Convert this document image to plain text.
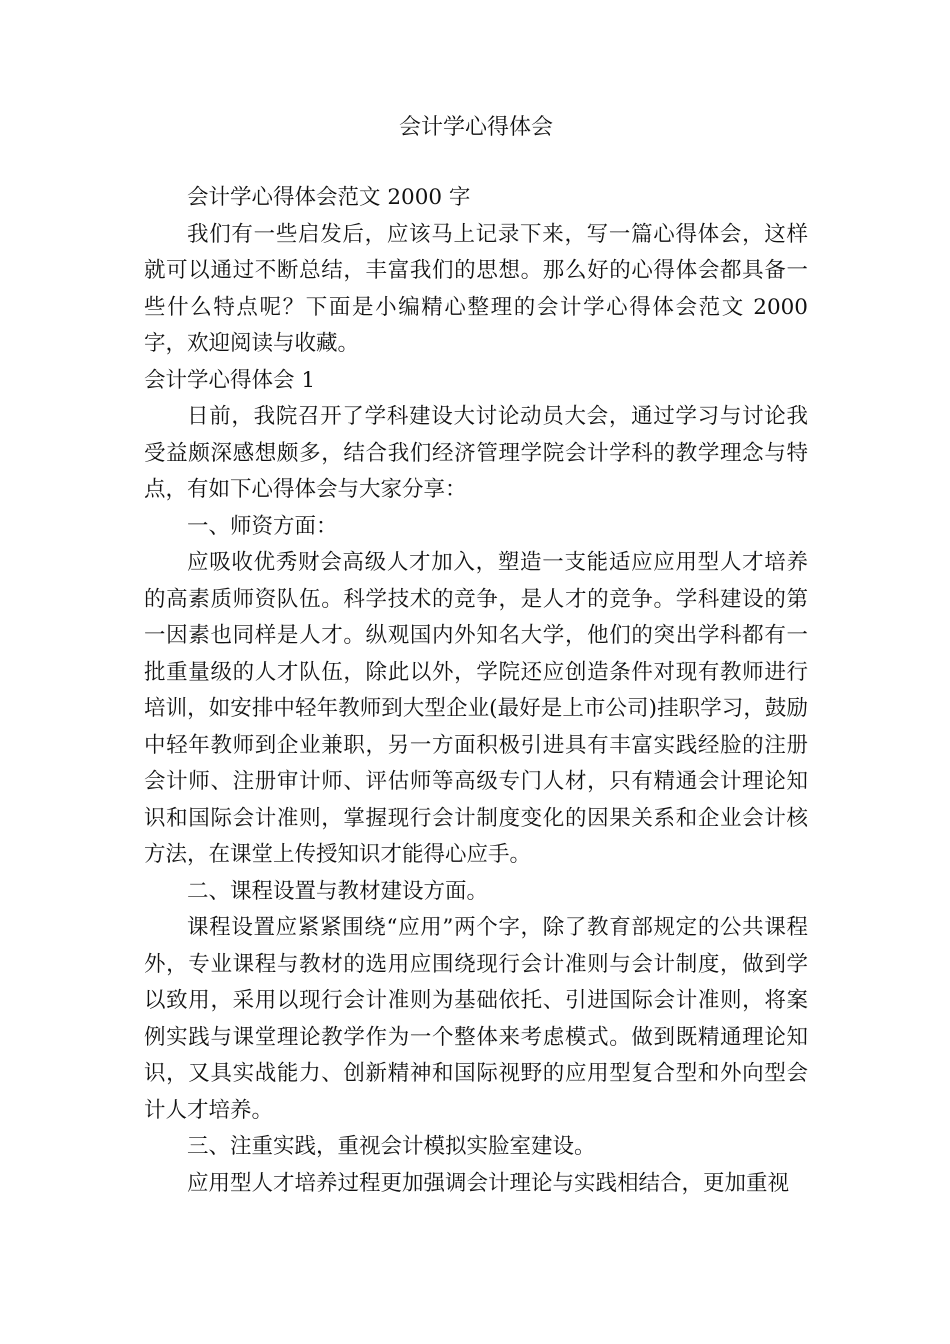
会计学心得体会

会计学心得体会范文 2000 字

我们有一些启发后，应该马上记录下来，写一篇心得体会，这样就可以通过不断总结，丰富我们的思想。那么好的心得体会都具备一些什么特点呢？下面是小编精心整理的会计学心得体会范文 2000 字，欢迎阅读与收藏。

会计学心得体会 1

日前，我院召开了学科建设大讨论动员大会，通过学习与讨论我受益颇深感想颇多，结合我们经济管理学院会计学科的教学理念与特点，有如下心得体会与大家分享：

一、师资方面：

应吸收优秀财会高级人才加入，塑造一支能适应应用型人才培养的高素质师资队伍。科学技术的竞争，是人才的竞争。学科建设的第一因素也同样是人才。纵观国内外知名大学，他们的突出学科都有一批重量级的人才队伍，除此以外，学院还应创造条件对现有教师进行培训，如安排中轻年教师到大型企业(最好是上市公司)挂职学习，鼓励中轻年教师到企业兼职，另一方面积极引进具有丰富实践经脸的注册会计师、注册审计师、评估师等高级专门人材，只有精通会计理论知识和国际会计准则，掌握现行会计制度变化的因果关系和企业会计核方法，在课堂上传授知识才能得心应手。

二、课程设置与教材建设方面。

课程设置应紧紧围绕“应用”两个字，除了教育部规定的公共课程外，专业课程与教材的选用应围绕现行会计准则与会计制度，做到学以致用，采用以现行会计准则为基础依托、引进国际会计准则，将案例实践与课堂理论教学作为一个整体来考虑模式。做到既精通理论知识，又具实战能力、创新精神和国际视野的应用型复合型和外向型会计人才培养。

三、注重实践，重视会计模拟实脸室建设。

应用型人才培养过程更加强调会计理论与实践相结合，更加重视
